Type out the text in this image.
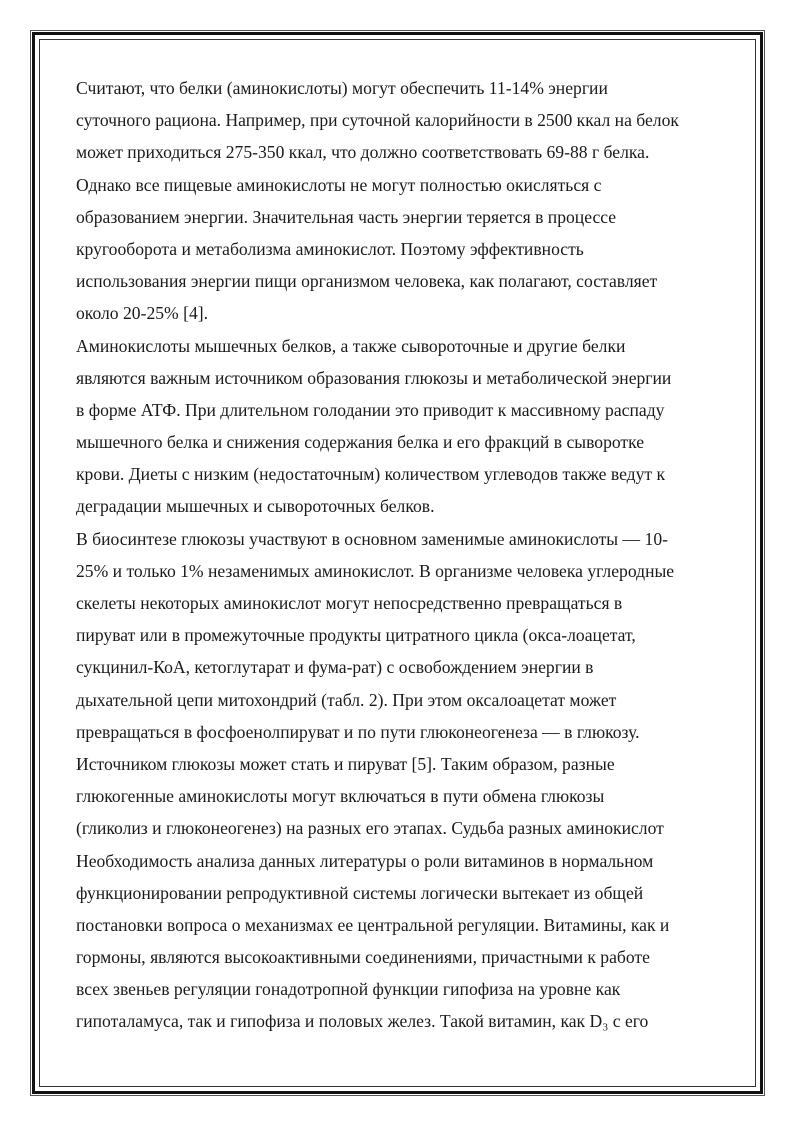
Считают, что белки (аминокислоты) могут обеспечить 11-14% энергии
суточного рациона. Например, при суточной калорийности в 2500 ккал на белок
может приходиться 275-350 ккал, что должно соответствовать 69-88 г белка.
Однако все пищевые аминокислоты не могут полностью окисляться с
образованием энергии. Значительная часть энергии теряется в процессе
кругооборота и метаболизма аминокислот. Поэтому эффективность
использования энергии пищи организмом человека, как полагают, составляет
около 20-25% [4].
Аминокислоты мышечных белков, а также сывороточные и другие белки
являются важным источником образования глюкозы и метаболической энергии
в форме АТФ. При длительном голодании это приводит к массивному распаду
мышечного белка и снижения содержания белка и его фракций в сыворотке
крови. Диеты с низким (недостаточным) количеством углеводов также ведут к
деградации мышечных и сывороточных белков.
В биосинтезе глюкозы участвуют в основном заменимые аминокислоты — 10-
25% и только 1% незаменимых аминокислот. В организме человека углеродные
скелеты некоторых аминокислот могут непосредственно превращаться в
пируват или в промежуточные продукты цитратного цикла (окса-лоацетат,
сукцинил-КоА, кетоглутарат и фума-рат) с освобождением энергии в
дыхательной цепи митохондрий (табл. 2). При этом оксалоацетат может
превращаться в фосфоенолпируват и по пути глюконеогенеза — в глюкозу.
Источником глюкозы может стать и пируват [5]. Таким образом, разные
глюкогенные аминокислоты могут включаться в пути обмена глюкозы
(гликолиз и глюконеогенез) на разных его этапах. Судьба разных аминокислот
Необходимость анализа данных литературы о роли витаминов в нормальном
функционировании репродуктивной системы логически вытекает из общей
постановки вопроса о механизмах ее центральной регуляции. Витамины, как и
гормоны, являются высокоактивными соединениями, причастными к работе
всех звеньев регуляции гонадотропной функции гипофиза на уровне как
гипоталамуса, так и гипофиза и половых желез. Такой витамин, как D₃ с его
